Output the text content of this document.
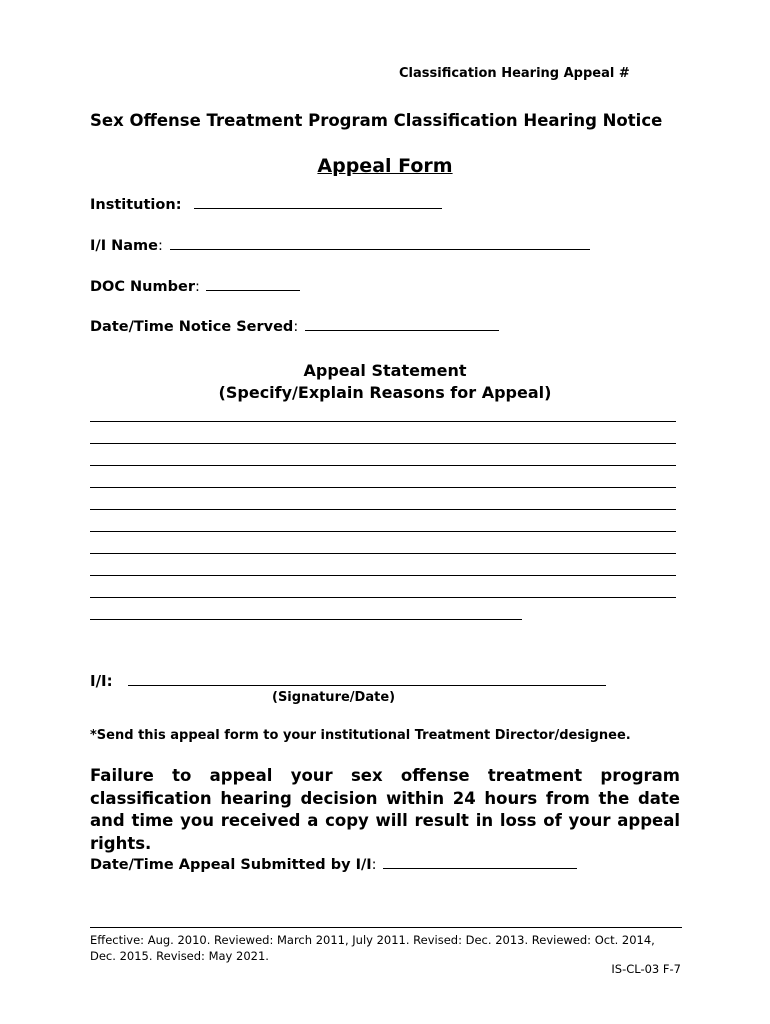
Classification Hearing Appeal #
Sex Offense Treatment Program Classification Hearing Notice
Appeal Form
Institution:
I/I Name:
DOC Number:
Date/Time Notice Served:
Appeal Statement
(Specify/Explain Reasons for Appeal)
I/I:
(Signature/Date)
*Send this appeal form to your institutional Treatment Director/designee.
Failure to appeal your sex offense treatment program classification hearing decision within 24 hours from the date and time you received a copy will result in loss of your appeal rights.
Date/Time Appeal Submitted by I/I:
Effective: Aug. 2010. Reviewed: March 2011, July 2011. Revised: Dec. 2013. Reviewed: Oct. 2014, Dec. 2015. Revised: May 2021.
IS-CL-03 F-7
